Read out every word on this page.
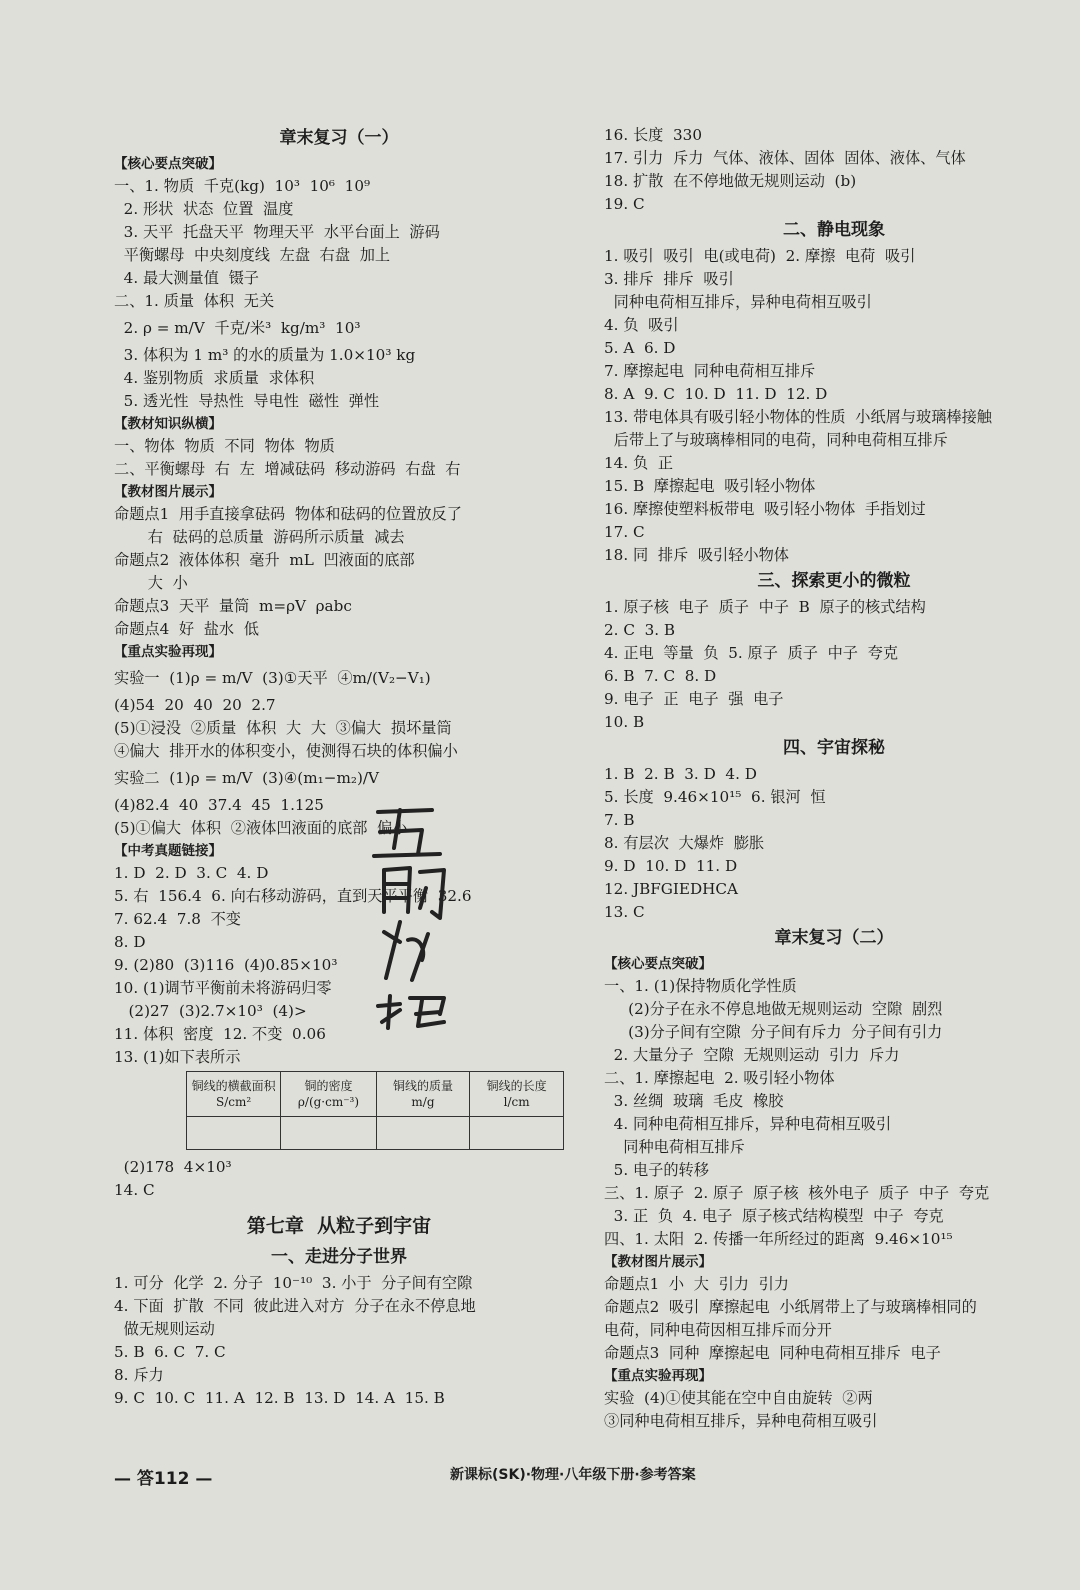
章末复习（一）
【核心要点突破】
一、1. 物质  千克(kg)  10³  10⁶  10⁹
2. 形状  状态  位置  温度
3. 天平  托盘天平  物理天平  水平台面上  游码
平衡螺母  中央刻度线  左盘  右盘  加上
4. 最大测量值  镊子
二、1. 质量  体积  无关
2. ρ = m/V  千克/米³  kg/m³  10³
3. 体积为 1 m³ 的水的质量为 1.0×10³ kg
4. 鉴别物质  求质量  求体积
5. 透光性  导热性  导电性  磁性  弹性
【教材知识纵横】
一、物体  物质  不同  物体  物质
二、平衡螺母  右  左  增减砝码  移动游码  右盘  右
【教材图片展示】
命题点1  用手直接拿砝码  物体和砝码的位置放反了
右  砝码的总质量  游码所示质量  减去
命题点2  液体体积  毫升  mL  凹液面的底部
大  小
命题点3  天平  量筒  m=ρV  ρabc
命题点4  好  盐水  低
【重点实验再现】
实验一  (1)ρ = m/V  (3)①天平  ④m/(V₂−V₁)
(4)54  20  40  20  2.7
(5)①浸没  ②质量  体积  大  大  ③偏大  损坏量筒
④偏大  排开水的体积变小，使测得石块的体积偏小
实验二  (1)ρ = m/V  (3)④(m₁−m₂)/V
(4)82.4  40  37.4  45  1.125
(5)①偏大  体积  ②液体凹液面的底部  偏小
【中考真题链接】
1. D  2. D  3. C  4. D
5. 右  156.4  6. 向右移动游码，直到天平平衡  32.6
7. 62.4  7.8  不变
8. D
9. (2)80  (3)116  (4)0.85×10³
10. (1)调节平衡前未将游码归零
(2)27  (3)2.7×10³  (4)>
11. 体积  密度  12. 不变  0.06
13. (1)如下表所示
铜线的横截面积 S/cm²	铜的密度 ρ/(g·cm⁻³)	铜线的质量 m/g	铜线的长度 l/cm

(2)178  4×10³
14. C
第七章  从粒子到宇宙
一、走进分子世界
1. 可分  化学  2. 分子  10⁻¹⁰  3. 小于  分子间有空隙
4. 下面  扩散  不同  彼此进入对方  分子在永不停息地
做无规则运动
5. B  6. C  7. C
8. 斥力
9. C  10. C  11. A  12. B  13. D  14. A  15. B
16. 长度  330
17. 引力  斥力  气体、液体、固体  固体、液体、气体
18. 扩散  在不停地做无规则运动  (b)
19. C
二、静电现象
1. 吸引  吸引  电(或电荷)  2. 摩擦  电荷  吸引
3. 排斥  排斥  吸引
同种电荷相互排斥，异种电荷相互吸引
4. 负  吸引
5. A  6. D
7. 摩擦起电  同种电荷相互排斥
8. A  9. C  10. D  11. D  12. D
13. 带电体具有吸引轻小物体的性质  小纸屑与玻璃棒接触
后带上了与玻璃棒相同的电荷，同种电荷相互排斥
14. 负  正
15. B  摩擦起电  吸引轻小物体
16. 摩擦使塑料板带电  吸引轻小物体  手指划过
17. C
18. 同  排斥  吸引轻小物体
三、探索更小的微粒
1. 原子核  电子  质子  中子  B  原子的核式结构
2. C  3. B
4. 正电  等量  负  5. 原子  质子  中子  夸克
6. B  7. C  8. D
9. 电子  正  电子  强  电子
10. B
四、宇宙探秘
1. B  2. B  3. D  4. D
5. 长度  9.46×10¹⁵  6. 银河  恒
7. B
8. 有层次  大爆炸  膨胀
9. D  10. D  11. D
12. JBFGIEDHCA
13. C
章末复习（二）
【核心要点突破】
一、1. (1)保持物质化学性质
(2)分子在永不停息地做无规则运动  空隙  剧烈
(3)分子间有空隙  分子间有斥力  分子间有引力
2. 大量分子  空隙  无规则运动  引力  斥力
二、1. 摩擦起电  2. 吸引轻小物体
3. 丝绸  玻璃  毛皮  橡胶
4. 同种电荷相互排斥，异种电荷相互吸引
同种电荷相互排斥
5. 电子的转移
三、1. 原子  2. 原子  原子核  核外电子  质子  中子  夸克
3. 正  负  4. 电子  原子核式结构模型  中子  夸克
四、1. 太阳  2. 传播一年所经过的距离  9.46×10¹⁵
【教材图片展示】
命题点1  小  大  引力  引力
命题点2  吸引  摩擦起电  小纸屑带上了与玻璃棒相同的
电荷，同种电荷因相互排斥而分开
命题点3  同种  摩擦起电  同种电荷相互排斥  电子
【重点实验再现】
实验  (4)①使其能在空中自由旋转  ②两
③同种电荷相互排斥，异种电荷相互吸引
— 答112 —	新课标(SK)·物理·八年级下册·参考答案
